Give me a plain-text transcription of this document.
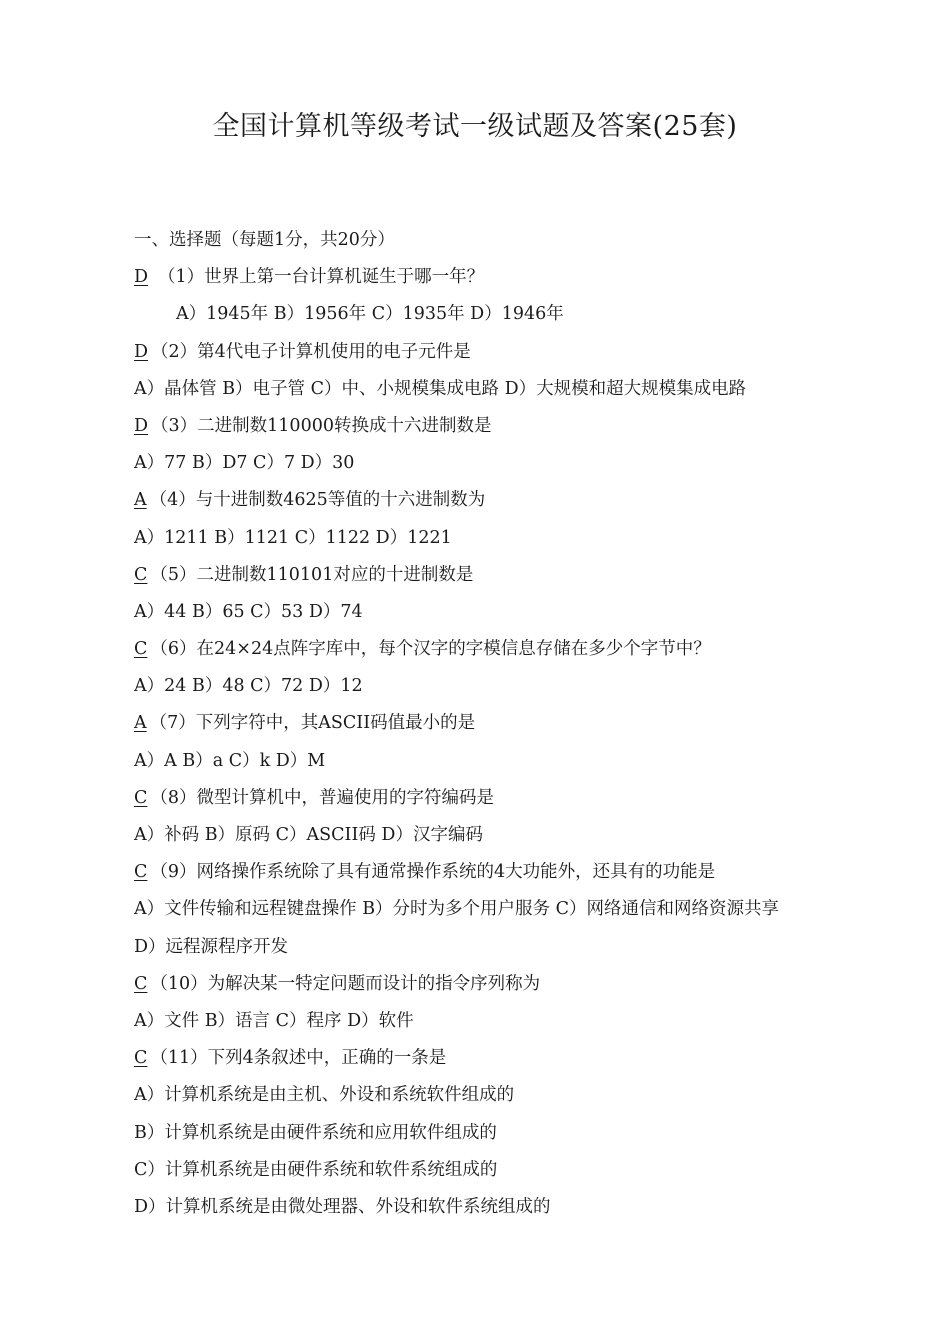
全国计算机等级考试一级试题及答案(25套)
一、选择题（每题1分，共20分）
D （1）世界上第一台计算机诞生于哪一年？
A）1945年 B）1956年 C）1935年 D）1946年
D （2）第4代电子计算机使用的电子元件是
A）晶体管 B）电子管 C）中、小规模集成电路 D）大规模和超大规模集成电路
D （3）二进制数110000转换成十六进制数是
A）77 B）D7 C）7 D）30
A （4）与十进制数4625等值的十六进制数为
A）1211 B）1121 C）1122 D）1221
C （5）二进制数110101对应的十进制数是
A）44 B）65 C）53 D）74
C （6）在24×24点阵字库中，每个汉字的字模信息存储在多少个字节中？
A）24 B）48 C）72 D）12
A （7）下列字符中，其ASCII码值最小的是
A）A B）a C）k D）M
C （8）微型计算机中，普遍使用的字符编码是
A）补码 B）原码 C）ASCII码 D）汉字编码
C （9）网络操作系统除了具有通常操作系统的4大功能外，还具有的功能是
A）文件传输和远程键盘操作 B）分时为多个用户服务 C）网络通信和网络资源共享
D）远程源程序开发
C （10）为解决某一特定问题而设计的指令序列称为
A）文件 B）语言 C）程序 D）软件
C （11）下列4条叙述中，正确的一条是
A）计算机系统是由主机、外设和系统软件组成的
B）计算机系统是由硬件系统和应用软件组成的
C）计算机系统是由硬件系统和软件系统组成的
D）计算机系统是由微处理器、外设和软件系统组成的
